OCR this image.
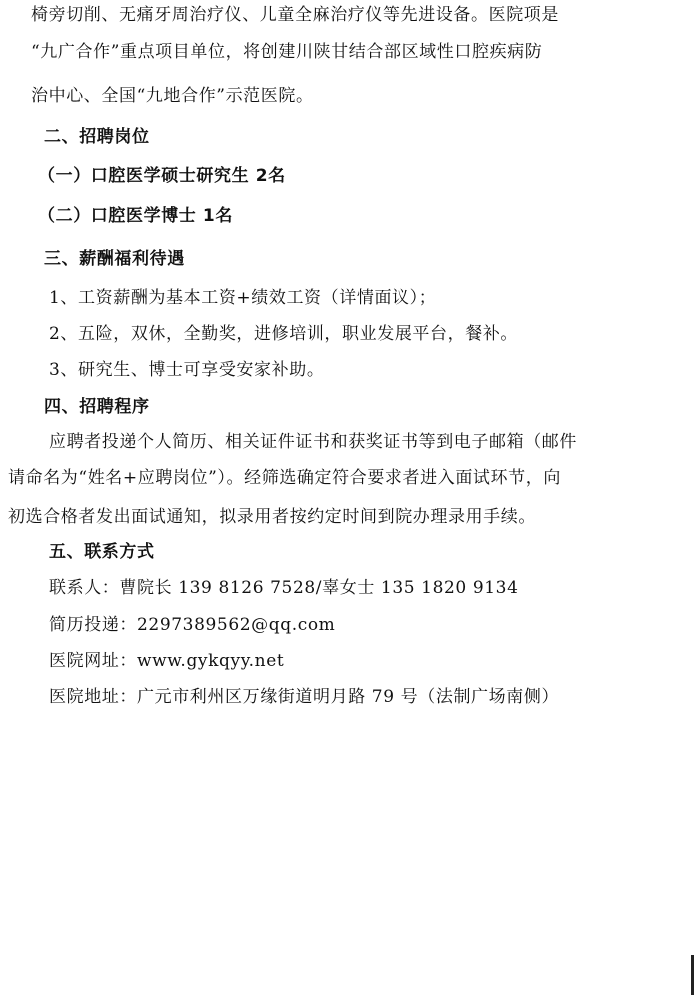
椅旁切削、无痛牙周治疗仪、儿童全麻治疗仪等先进设备。医院项是
“九广合作”重点项目单位，将创建川陕甘结合部区域性口腔疾病防
治中心、全国“九地合作”示范医院。
二、招聘岗位
（一）口腔医学硕士研究生 2名
（二）口腔医学博士 1名
三、薪酬福利待遇
1、工资薪酬为基本工资+绩效工资（详情面议）；
2、五险，双休，全勤奖，进修培训，职业发展平台，餐补。
3、研究生、博士可享受安家补助。
四、招聘程序
应聘者投递个人简历、相关证件证书和获奖证书等到电子邮箱（邮件
请命名为“姓名+应聘岗位”）。经筛选确定符合要求者进入面试环节，向
初选合格者发出面试通知，拟录用者按约定时间到院办理录用手续。
五、联系方式
联系人：曹院长 139 8126 7528/辜女士 135 1820 9134
简历投递：2297389562@qq.com
医院网址：www.gykqyy.net
医院地址：广元市利州区万缘街道明月路 79 号（法制广场南侧）
